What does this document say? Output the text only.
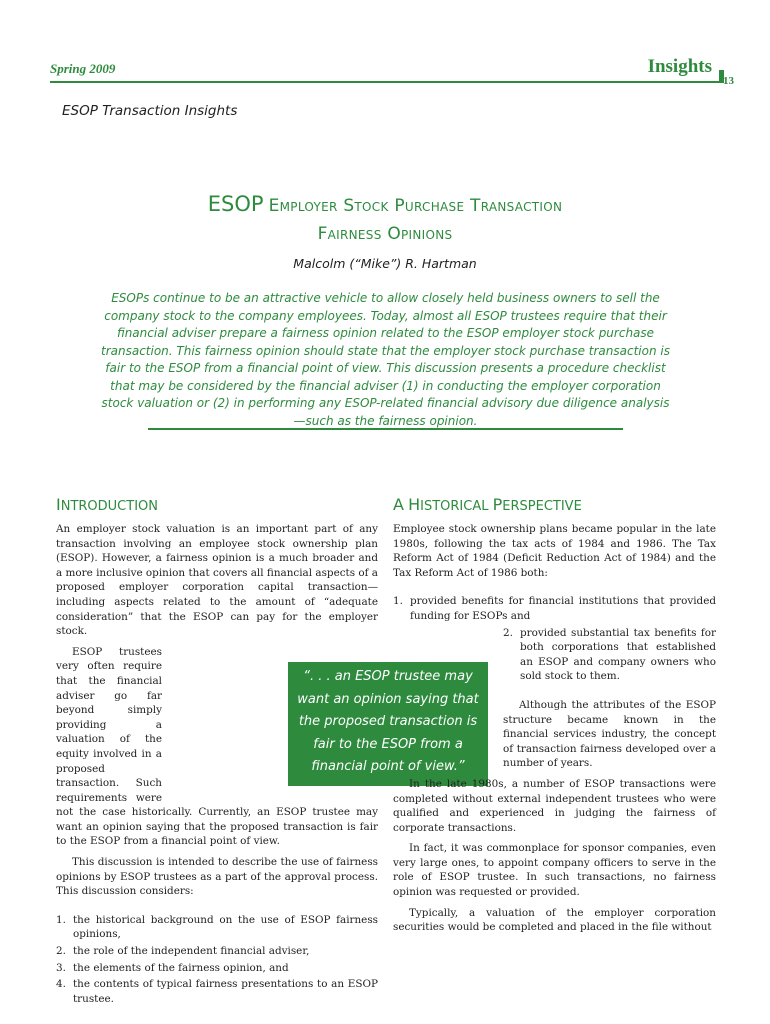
Spring 2009	Insights
13
ESOP Transaction Insights
ESOP Employer Stock Purchase Transaction
Fairness Opinions
Malcolm (“Mike”) R. Hartman
ESOPs continue to be an attractive vehicle to allow closely held business owners to sell the company stock to the company employees. Today, almost all ESOP trustees require that their financial adviser prepare a fairness opinion related to the ESOP employer stock purchase transaction. This fairness opinion should state that the employer stock purchase transaction is fair to the ESOP from a financial point of view. This discussion presents a procedure checklist that may be considered by the financial adviser (1) in conducting the employer corporation stock valuation or (2) in performing any ESOP-related financial advisory due diligence analysis—such as the fairness opinion.
INTRODUCTION

An employer stock valuation is an important part of any transaction involving an employee stock ownership plan (ESOP). However, a fairness opinion is a much broader and a more inclusive opinion that covers all financial aspects of a proposed employer corporation capital transaction—including aspects related to the amount of “adequate consideration” that the ESOP can pay for the employer stock.

ESOP trustees very often require that the financial adviser go far beyond simply providing a valuation of the equity involved in a proposed transaction. Such requirements were not the case historically. Currently, an ESOP trustee may want an opinion saying that the proposed transaction is fair to the ESOP from a financial point of view.

This discussion is intended to describe the use of fairness opinions by ESOP trustees as a part of the approval process. This discussion considers:

1. the historical background on the use of ESOP fairness opinions,
2. the role of the independent financial adviser,
3. the elements of the fairness opinion, and
4. the contents of typical fairness presentations to an ESOP trustee.
“. . . an ESOP trustee may want an opinion saying that the proposed transaction is fair to the ESOP from a financial point of view.”
A HISTORICAL PERSPECTIVE

Employee stock ownership plans became popular in the late 1980s, following the tax acts of 1984 and 1986. The Tax Reform Act of 1984 (Deficit Reduction Act of 1984) and the Tax Reform Act of 1986 both:

1. provided benefits for financial institutions that provided funding for ESOPs and
2. provided substantial tax benefits for both corporations that established an ESOP and company owners who sold stock to them.

Although the attributes of the ESOP structure became known in the financial services industry, the concept of transaction fairness developed over a number of years.

In the late 1980s, a number of ESOP transactions were completed without external independent trustees who were qualified and experienced in judging the fairness of corporate transactions.

In fact, it was commonplace for sponsor companies, even very large ones, to appoint company officers to serve in the role of ESOP trustee. In such transactions, no fairness opinion was requested or provided.

Typically, a valuation of the employer corporation securities would be completed and placed in the file without
